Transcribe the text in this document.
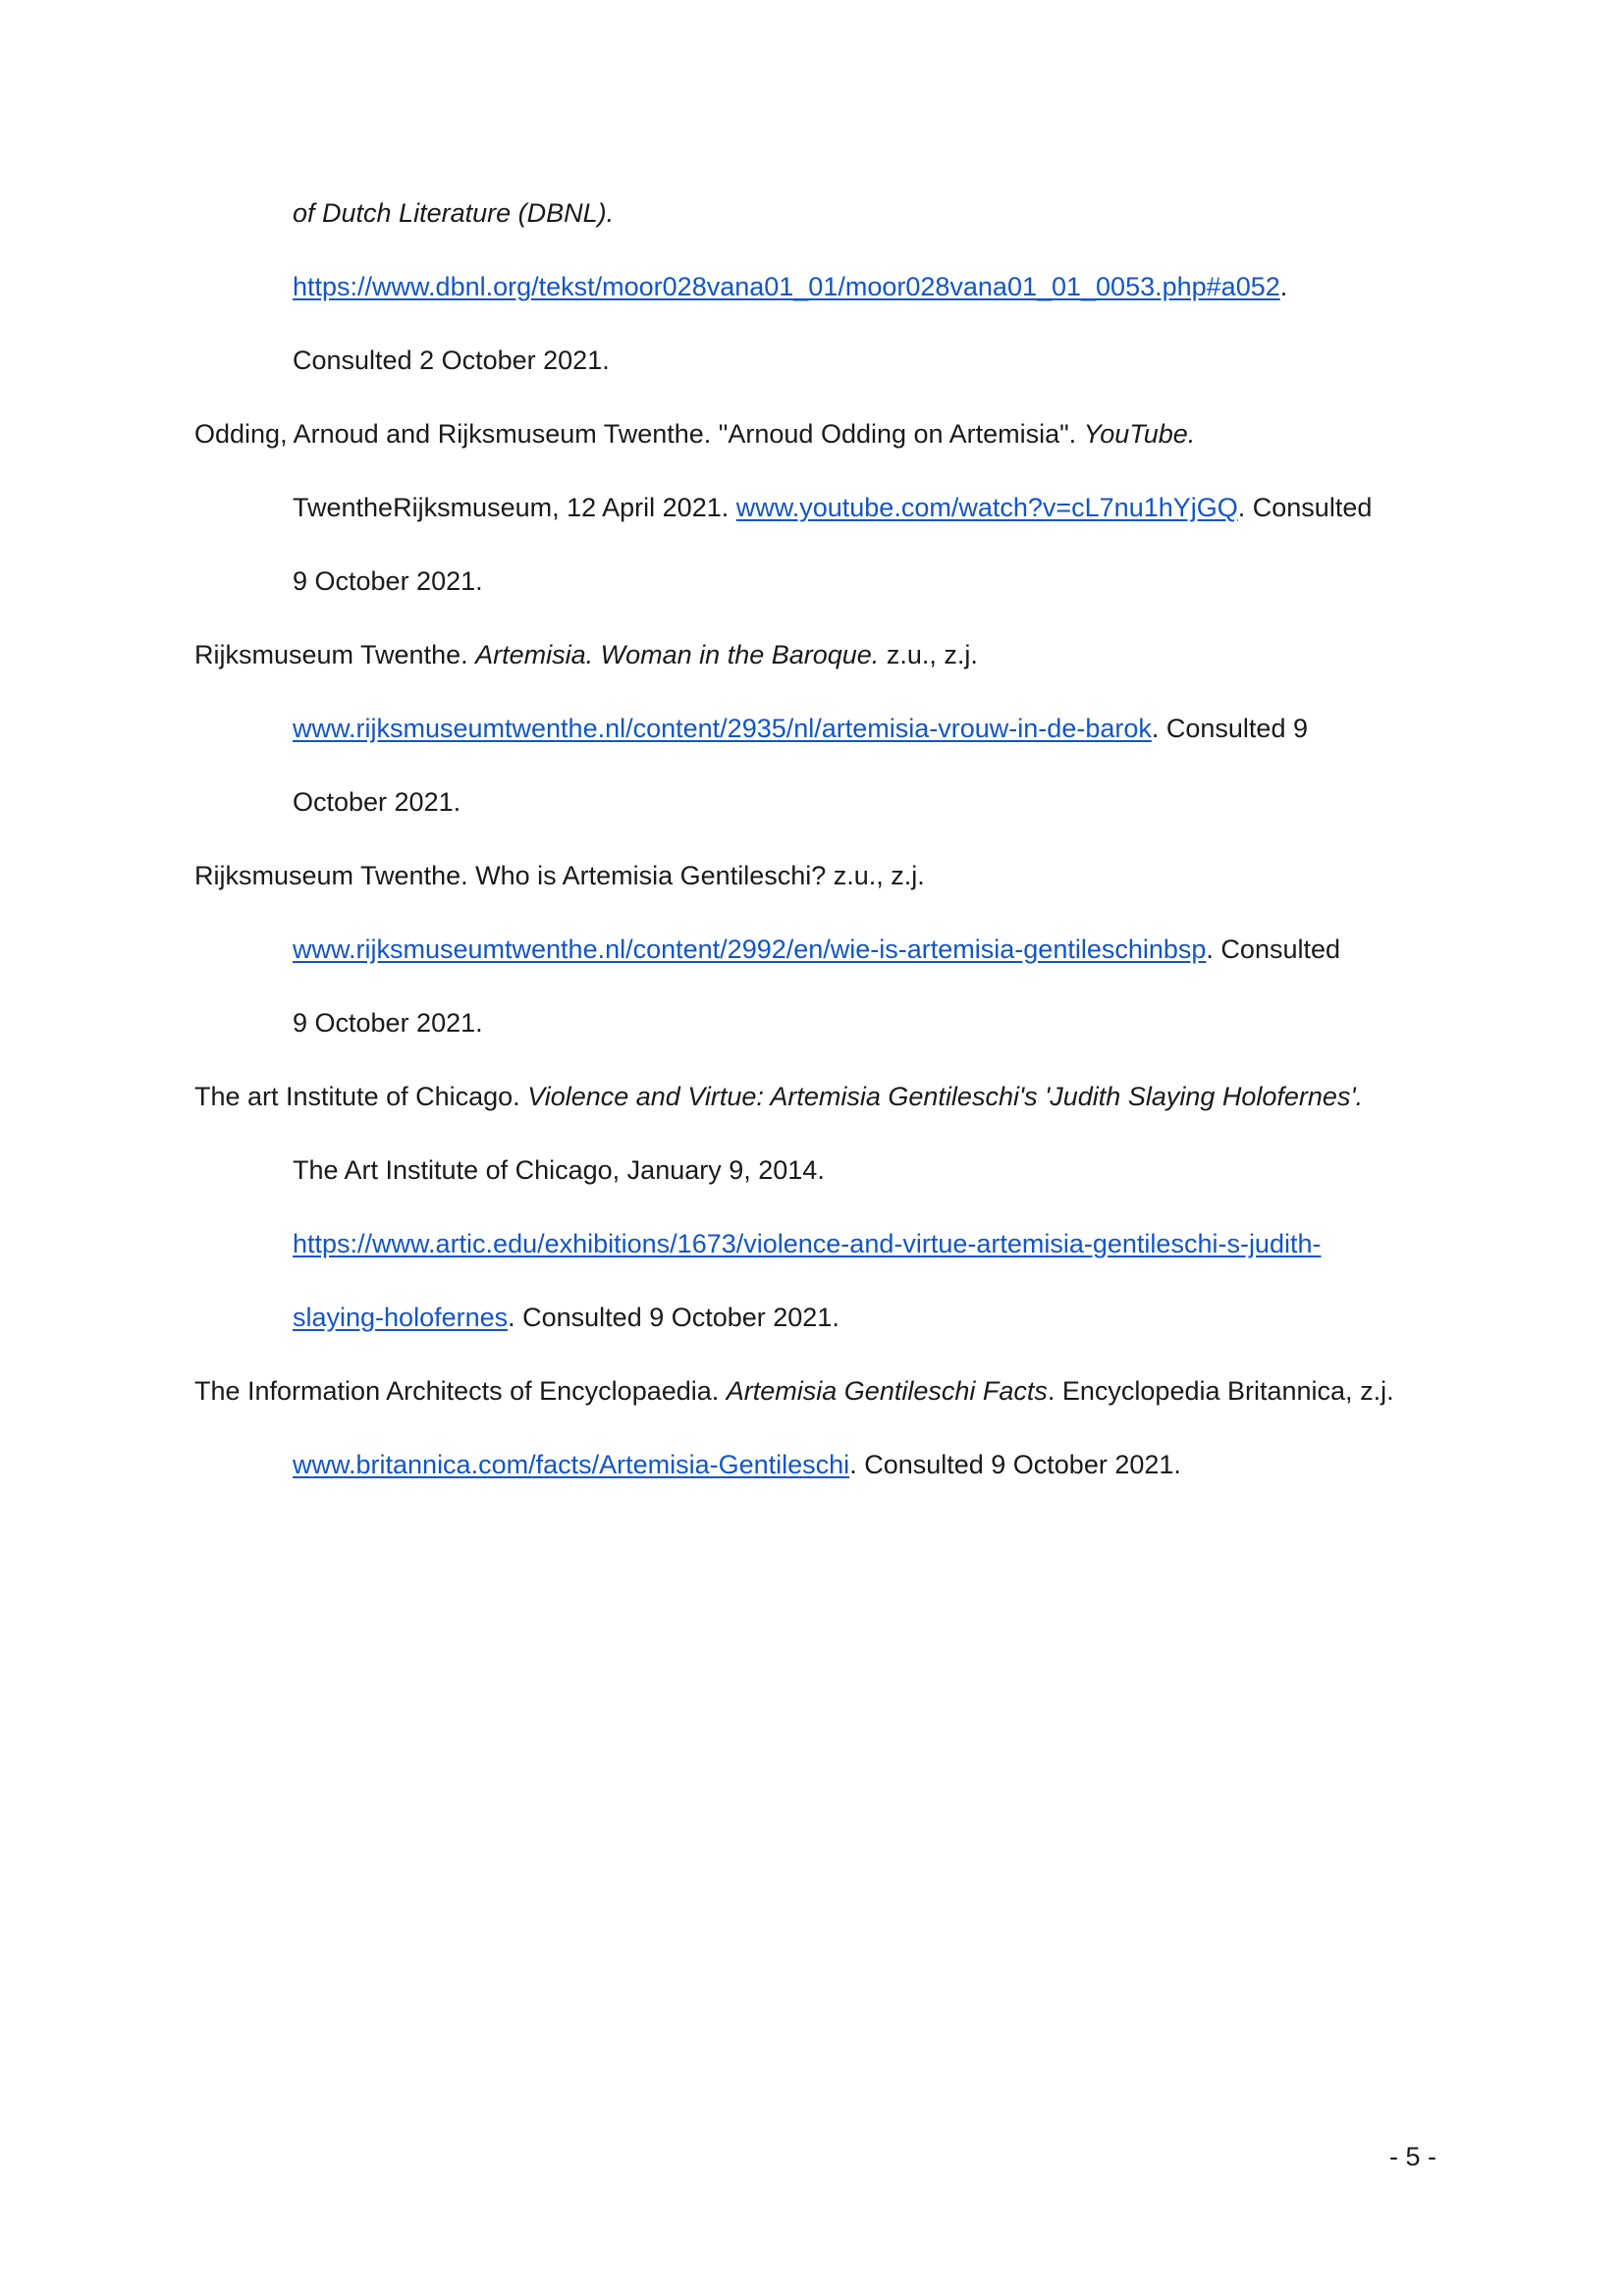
of Dutch Literature (DBNL).
https://www.dbnl.org/tekst/moor028vana01_01/moor028vana01_01_0053.php#a052.
Consulted 2 October 2021.
Odding, Arnoud and Rijksmuseum Twenthe. "Arnoud Odding on Artemisia". YouTube.
TwentheRijksmuseum, 12 April 2021. www.youtube.com/watch?v=cL7nu1hYjGQ. Consulted
9 October 2021.
Rijksmuseum Twenthe. Artemisia. Woman in the Baroque. z.u., z.j.
www.rijksmuseumtwenthe.nl/content/2935/nl/artemisia-vrouw-in-de-barok. Consulted 9
October 2021.
Rijksmuseum Twenthe. Who is Artemisia Gentileschi? z.u., z.j.
www.rijksmuseumtwenthe.nl/content/2992/en/wie-is-artemisia-gentileschinbsp. Consulted
9 October 2021.
The art Institute of Chicago. Violence and Virtue: Artemisia Gentileschi's 'Judith Slaying Holofernes'.
The Art Institute of Chicago, January 9, 2014.
https://www.artic.edu/exhibitions/1673/violence-and-virtue-artemisia-gentileschi-s-judith-
slaying-holofernes. Consulted 9 October 2021.
The Information Architects of Encyclopaedia. Artemisia Gentileschi Facts. Encyclopedia Britannica, z.j.
www.britannica.com/facts/Artemisia-Gentileschi. Consulted 9 October 2021.
- 5 -
